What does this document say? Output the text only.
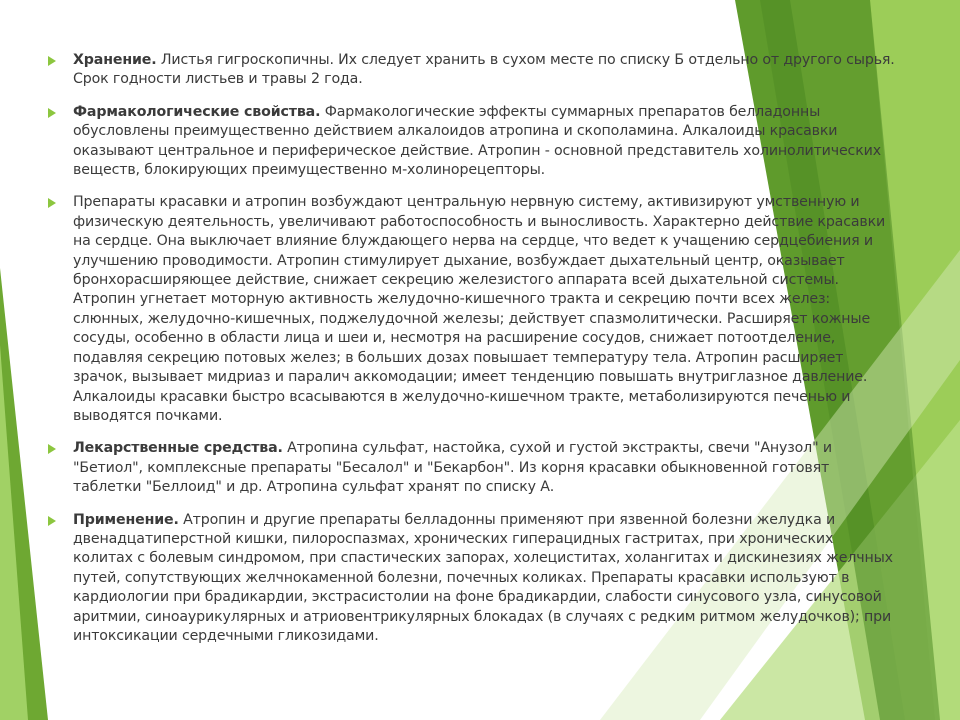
Хранение. Листья гигроскопичны. Их следует хранить в сухом месте по списку Б отдельно от другого сырья. Срок годности листьев и травы 2 года.
Фармакологические свойства. Фармакологические эффекты суммарных препаратов белладонны обусловлены преимущественно действием алкалоидов атропина и скополамина. Алкалоиды красавки оказывают центральное и периферическое действие. Атропин - основной представитель холинолитических веществ, блокирующих преимущественно м-холинорецепторы.
Препараты красавки и атропин возбуждают центральную нервную систему, активизируют умственную и физическую деятельность, увеличивают работоспособность и выносливость. Характерно действие красавки на сердце. Она выключает влияние блуждающего нерва на сердце, что ведет к учащению сердцебиения и улучшению проводимости. Атропин стимулирует дыхание, возбуждает дыхательный центр, оказывает бронхорасширяющее действие, снижает секрецию железистого аппарата всей дыхательной системы. Атропин угнетает моторную активность желудочно-кишечного тракта и секрецию почти всех желез: слюнных, желудочно-кишечных, поджелудочной железы; действует спазмолитически. Расширяет кожные сосуды, особенно в области лица и шеи и, несмотря на расширение сосудов, снижает потоотделение, подавляя секрецию потовых желез; в больших дозах повышает температуру тела. Атропин расширяет зрачок, вызывает мидриаз и паралич аккомодации; имеет тенденцию повышать внутриглазное давление. Алкалоиды красавки быстро всасываются в желудочно-кишечном тракте, метаболизируются печенью и выводятся почками.
Лекарственные средства. Атропина сульфат, настойка, сухой и густой экстракты, свечи "Анузол" и "Бетиол", комплексные препараты "Бесалол" и "Бекарбон". Из корня красавки обыкновенной готовят таблетки "Беллоид" и др. Атропина сульфат хранят по списку А.
Применение. Атропин и другие препараты белладонны применяют при язвенной болезни желудка и двенадцатиперстной кишки, пилороспазмах, хронических гиперацидных гастритах, при хронических колитах с болевым синдромом, при спастических запорах, холециститах, холангитах и дискинезиях желчных путей, сопутствующих желчнокаменной болезни, почечных коликах. Препараты красавки используют в кардиологии при брадикардии, экстрасистолии на фоне брадикардии, слабости синусового узла, синусовой аритмии, синоаурикулярных и атриовентрикулярных блокадах (в случаях с редким ритмом желудочков); при интоксикации сердечными гликозидами.
